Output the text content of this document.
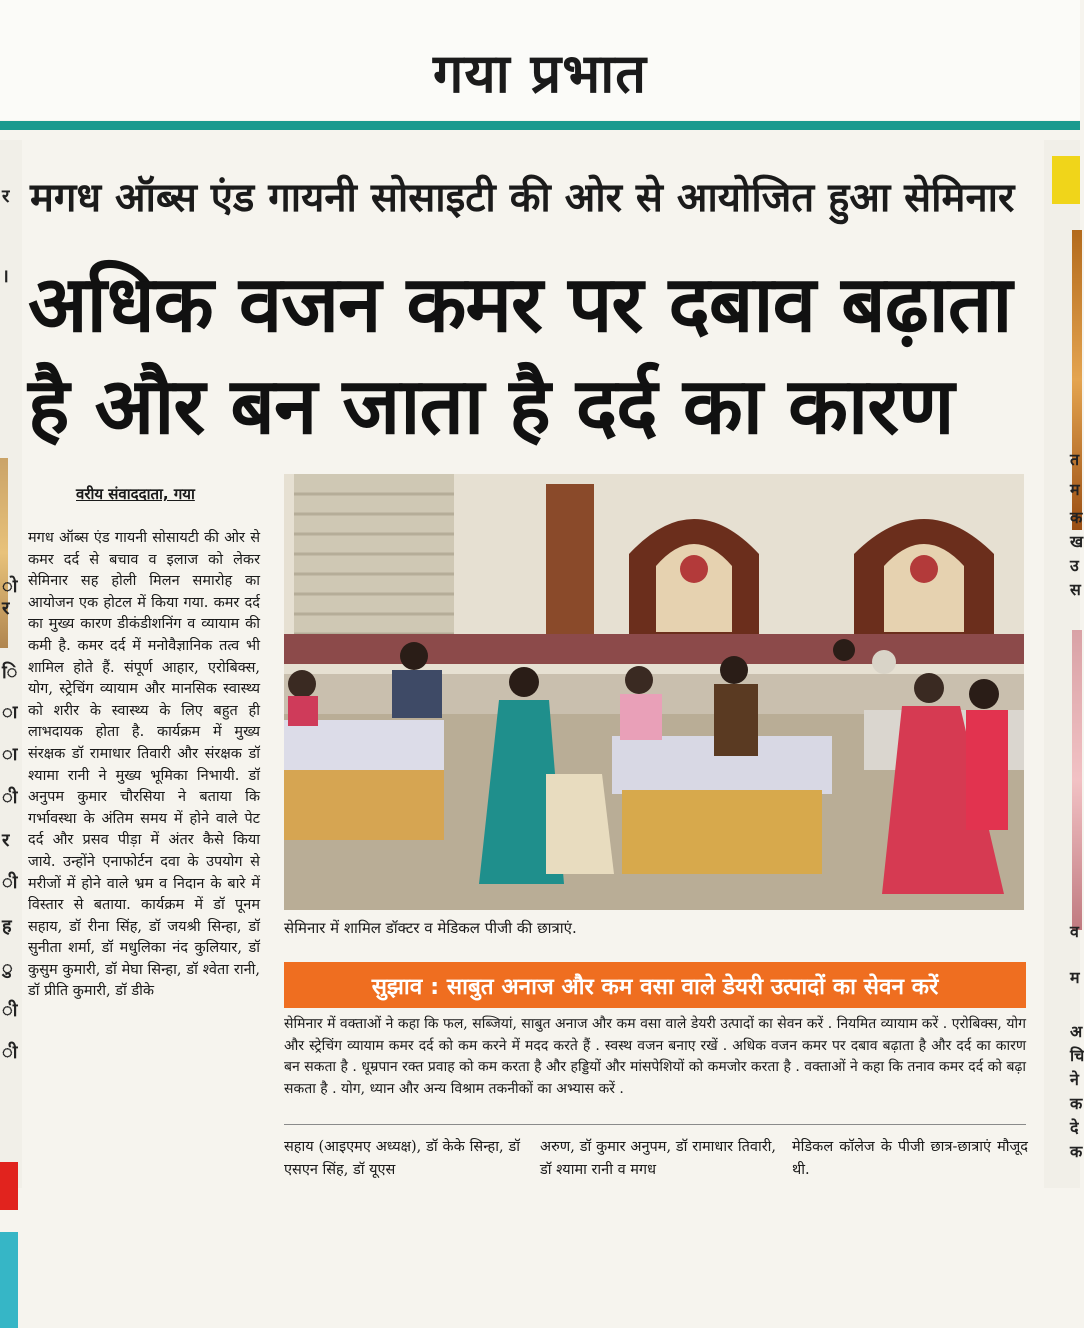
गया प्रभात
र
।
ो
र
ि
ा
ा
ी
र
ी
ह
ु
ी
ी
त
म
क
ख
उ
स
व
म
अ
चि
ने
क
दे
क
मगध ऑब्स एंड गायनी सोसाइटी की ओर से आयोजित हुआ सेमिनार
अधिक वजन कमर पर दबाव बढ़ाता
है और बन जाता है दर्द का कारण
वरीय संवाददाता, गया

मगध ऑब्स एंड गायनी सोसायटी की ओर से कमर दर्द से बचाव व इलाज को लेकर सेमिनार सह होली मिलन समारोह का आयोजन एक होटल में किया गया. कमर दर्द का मुख्य कारण डीकंडीशनिंग व व्यायाम की कमी है. कमर दर्द में मनोवैज्ञानिक तत्व भी शामिल होते हैं. संपूर्ण आहार, एरोबिक्स, योग, स्ट्रेचिंग व्यायाम और मानसिक स्वास्थ्य को शरीर के स्वास्थ्य के लिए बहुत ही लाभदायक होता है. कार्यक्रम में मुख्य संरक्षक डॉ रामाधार तिवारी और संरक्षक डॉ श्यामा रानी ने मुख्य भूमिका निभायी. डॉ अनुपम कुमार चौरसिया ने बताया कि गर्भावस्था के अंतिम समय में होने वाले पेट दर्द और प्रसव पीड़ा में अंतर कैसे किया जाये. उन्होंने एनाफोर्टन दवा के उपयोग से मरीजों में होने वाले भ्रम व निदान के बारे में विस्तार से बताया. कार्यक्रम में डॉ पूनम सहाय, डॉ रीना सिंह, डॉ जयश्री सिन्हा, डॉ सुनीता शर्मा, डॉ मधुलिका नंद कुलियार, डॉ कुसुम कुमारी, डॉ मेघा सिन्हा, डॉ श्वेता रानी, डॉ प्रीति कुमारी, डॉ डीके

सेमिनार में शामिल डॉक्टर व मेडिकल पीजी की छात्राएं.
सुझाव : साबुत अनाज और कम वसा वाले डेयरी उत्पादों का सेवन करें

सेमिनार में वक्ताओं ने कहा कि फल, सब्जियां, साबुत अनाज और कम वसा वाले डेयरी उत्पादों का सेवन करें . नियमित व्यायाम करें . एरोबिक्स, योग और स्ट्रेचिंग व्यायाम कमर दर्द को कम करने में मदद करते हैं . स्वस्थ वजन बनाए रखें . अधिक वजन कमर पर दबाव बढ़ाता है और दर्द का कारण बन सकता है . धूम्रपान रक्त प्रवाह को कम करता है और हड्डियों और मांसपेशियों को कमजोर करता है . वक्ताओं ने कहा कि तनाव कमर दर्द को बढ़ा सकता है . योग, ध्यान और अन्य विश्राम तकनीकों का अभ्यास करें .

सहाय (आइएमए अध्यक्ष), डॉ केके सिन्हा, डॉ एसएन सिंह, डॉ यूएस

अरुण, डॉ कुमार अनुपम, डॉ रामाधार तिवारी, डॉ श्यामा रानी व मगध

मेडिकल कॉलेज के पीजी छात्र-छात्राएं मौजूद थी.
